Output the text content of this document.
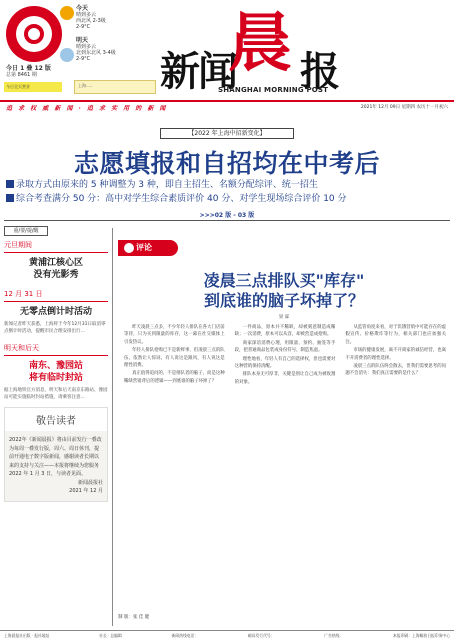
今日 1 叠 12 版
总第 8461 期
今日全天营业
今天
晴到多云
西北风 2-3级
2-9°C
明天
晴到多云
北到东北风 3-4级
2-9°C
上海.....	新闻
晨 报
SHANGHAI MORNING POST
追 求 权 威 新 闻 · 追 求 实 用 的 新 闻	2021年 12月 09日 星期四 农历十一月初六
【2022 年上海中招新变化】
志愿填报和自招均在中考后
录取方式由原来的 5 种调整为 3 种，即自主招生、名额分配综评、统一招生
综合考查满分 50 分：高中对学生综合素质评价 40 分、对学生现场综合评价 10 分
>>>02 版 - 03 版
重/要/提/醒
元旦期间
黄浦江核心区
没有光影秀
12 月 31 日
无零点倒计时活动
新闻记者昨天获悉，上海将于今年12月31日取消零点倒计时活动，提醒市民合理安排出行...
明天和后天
南东、豫园站
将有临时封站
据上海地铁官方消息，明天和后天南京东路站、豫园站可能实施临时封站措施，请乘客注意...
敬告读者
2022年《新闻晨报》将由目前发行一叠改为每周一叠发行版，周六、周日休刊，提前开通电子数字版新闻，感谢读者长期以来的支持与关注——本报将继续为您服务 2022 年 1 月 3 日，与读者见面。
新闻晨报社
2021 年 12 月
评论
凌晨三点排队买"库存"
到底谁的脑子坏掉了？
梁 霖

昨天凌晨三点多，不少年轻人排队在各大门店前等待，只为买到限量的库存，这一幕在社交媒体上引发热议。

年轻人排队抢购已不是新鲜事，但凌晨三点的队伍，依然让人惊讶。有人说这是跟风，有人说这是理性消费。

真正值得追问的，不是排队者的脑子，而是这种稀缺营销背后的逻辑——到底谁的脑子坏掉了？

一件商品，原本并不稀缺，却被刻意制造成稀缺；一次消费，原本可以从容，却被营造成抢购。

商家深谙消费心理，用限量、预约、抽签等手段，把普通商品包装成身份符号，制造焦虑。

理性地看，年轻人有自己的选择权，但也需要对这种营销保持清醒。

排队本身无可厚非，关键是别让自己成为被收割的对象。

从监管角度来看，对于饥饿营销中可能存在的虚假宣传、价格欺诈等行为，相关部门也应加强关注。

市场的健康发展，离不开商家的诚信经营，也离不开消费者的理性选择。

凌晨三点的队伍终会散去，但我们需要思考的问题不会消失：我们真正需要的是什么？

制 版：张 佳 健
上海晨报社出版 · 报社地址	社长 · 总编辑	新闻热线电话：	邮局发行代号：	广告热线：	本报印刷：上海解放日报印务中心
